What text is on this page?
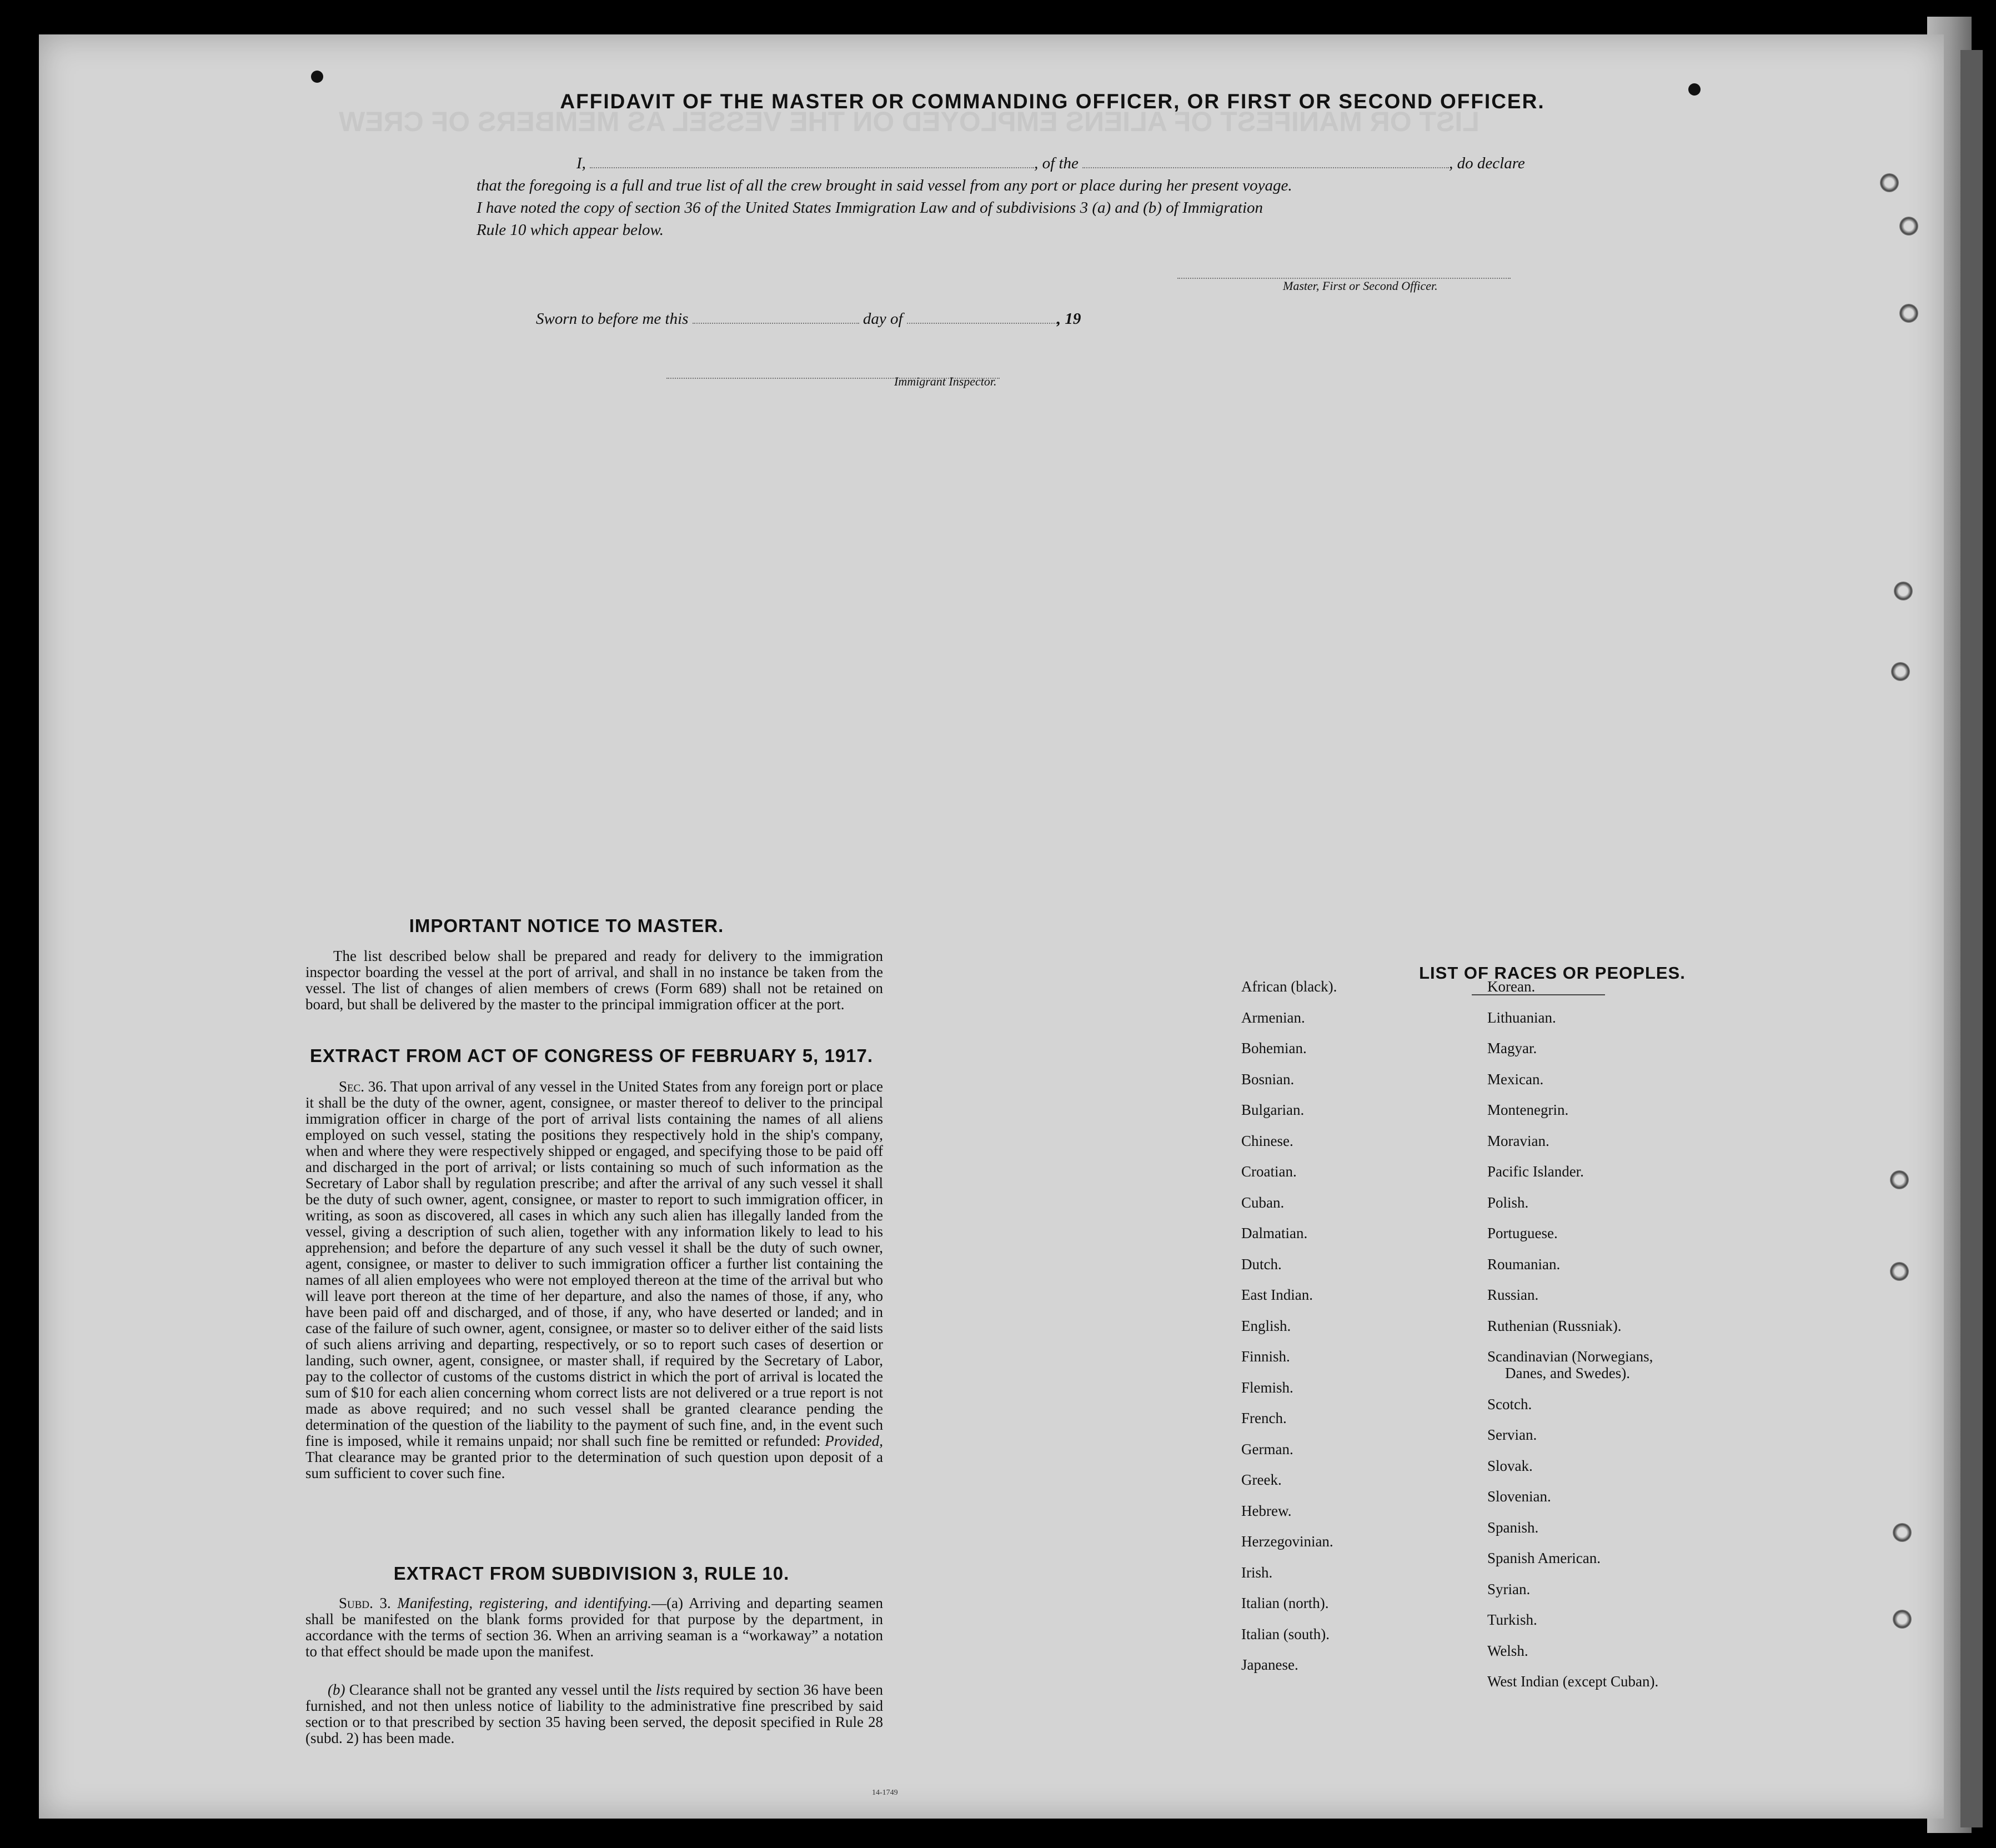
LIST OR MANIFEST OF ALIENS EMPLOYED ON THE VESSEL AS MEMBERS OF CREW
AFFIDAVIT OF THE MASTER OR COMMANDING OFFICER, OR FIRST OR SECOND OFFICER.
I,	, of the	, do declare
that the foregoing is a full and true list of all the crew brought in said vessel from any port or place during her present voyage.
I have noted the copy of section 36 of the United States Immigration Law and of subdivisions 3 (a) and (b) of Immigration
Rule 10 which appear below.
Master, First or Second Officer.
Sworn to before me this	day of	, 19
Immigrant Inspector.
IMPORTANT NOTICE TO MASTER.
The list described below shall be prepared and ready for delivery to the immigration inspector boarding the vessel at the port of arrival, and shall in no instance be taken from the vessel. The list of changes of alien members of crews (Form 689) shall not be retained on board, but shall be delivered by the master to the principal immigration officer at the port.
EXTRACT FROM ACT OF CONGRESS OF FEBRUARY 5, 1917.
Sec. 36. That upon arrival of any vessel in the United States from any foreign port or place it shall be the duty of the owner, agent, consignee, or master thereof to deliver to the principal immigration officer in charge of the port of arrival lists containing the names of all aliens employed on such vessel, stating the positions they respectively hold in the ship's company, when and where they were respectively shipped or engaged, and specifying those to be paid off and discharged in the port of arrival; or lists containing so much of such information as the Secretary of Labor shall by regulation prescribe; and after the arrival of any such vessel it shall be the duty of such owner, agent, consignee, or master to report to such immigration officer, in writing, as soon as discovered, all cases in which any such alien has illegally landed from the vessel, giving a description of such alien, together with any information likely to lead to his apprehension; and before the departure of any such vessel it shall be the duty of such owner, agent, consignee, or master to deliver to such immigration officer a further list containing the names of all alien employees who were not employed thereon at the time of the arrival but who will leave port thereon at the time of her departure, and also the names of those, if any, who have been paid off and discharged, and of those, if any, who have deserted or landed; and in case of the failure of such owner, agent, consignee, or master so to deliver either of the said lists of such aliens arriving and departing, respectively, or so to report such cases of desertion or landing, such owner, agent, consignee, or master shall, if required by the Secretary of Labor, pay to the collector of customs of the customs district in which the port of arrival is located the sum of $10 for each alien concerning whom correct lists are not delivered or a true report is not made as above required; and no such vessel shall be granted clearance pending the determination of the question of the liability to the payment of such fine, and, in the event such fine is imposed, while it remains unpaid; nor shall such fine be remitted or refunded: Provided, That clearance may be granted prior to the determination of such question upon deposit of a sum sufficient to cover such fine.
EXTRACT FROM SUBDIVISION 3, RULE 10.
Subd. 3. Manifesting, registering, and identifying.—(a) Arriving and departing seamen shall be manifested on the blank forms provided for that purpose by the department, in accordance with the terms of section 36. When an arriving seaman is a “workaway” a notation to that effect should be made upon the manifest.
(b) Clearance shall not be granted any vessel until the lists required by section 36 have been furnished, and not then unless notice of liability to the administrative fine prescribed by said section or to that prescribed by section 35 having been served, the deposit specified in Rule 28 (subd. 2) has been made.
14-1749
LIST OF RACES OR PEOPLES.
African (black).
Armenian.
Bohemian.
Bosnian.
Bulgarian.
Chinese.
Croatian.
Cuban.
Dalmatian.
Dutch.
East Indian.
English.
Finnish.
Flemish.
French.
German.
Greek.
Hebrew.
Herzegovinian.
Irish.
Italian (north).
Italian (south).
Japanese.
Korean.
Lithuanian.
Magyar.
Mexican.
Montenegrin.
Moravian.
Pacific Islander.
Polish.
Portuguese.
Roumanian.
Russian.
Ruthenian (Russniak).
Scandinavian (Norwegians,
Danes, and Swedes).
Scotch.
Servian.
Slovak.
Slovenian.
Spanish.
Spanish American.
Syrian.
Turkish.
Welsh.
West Indian (except Cuban).
